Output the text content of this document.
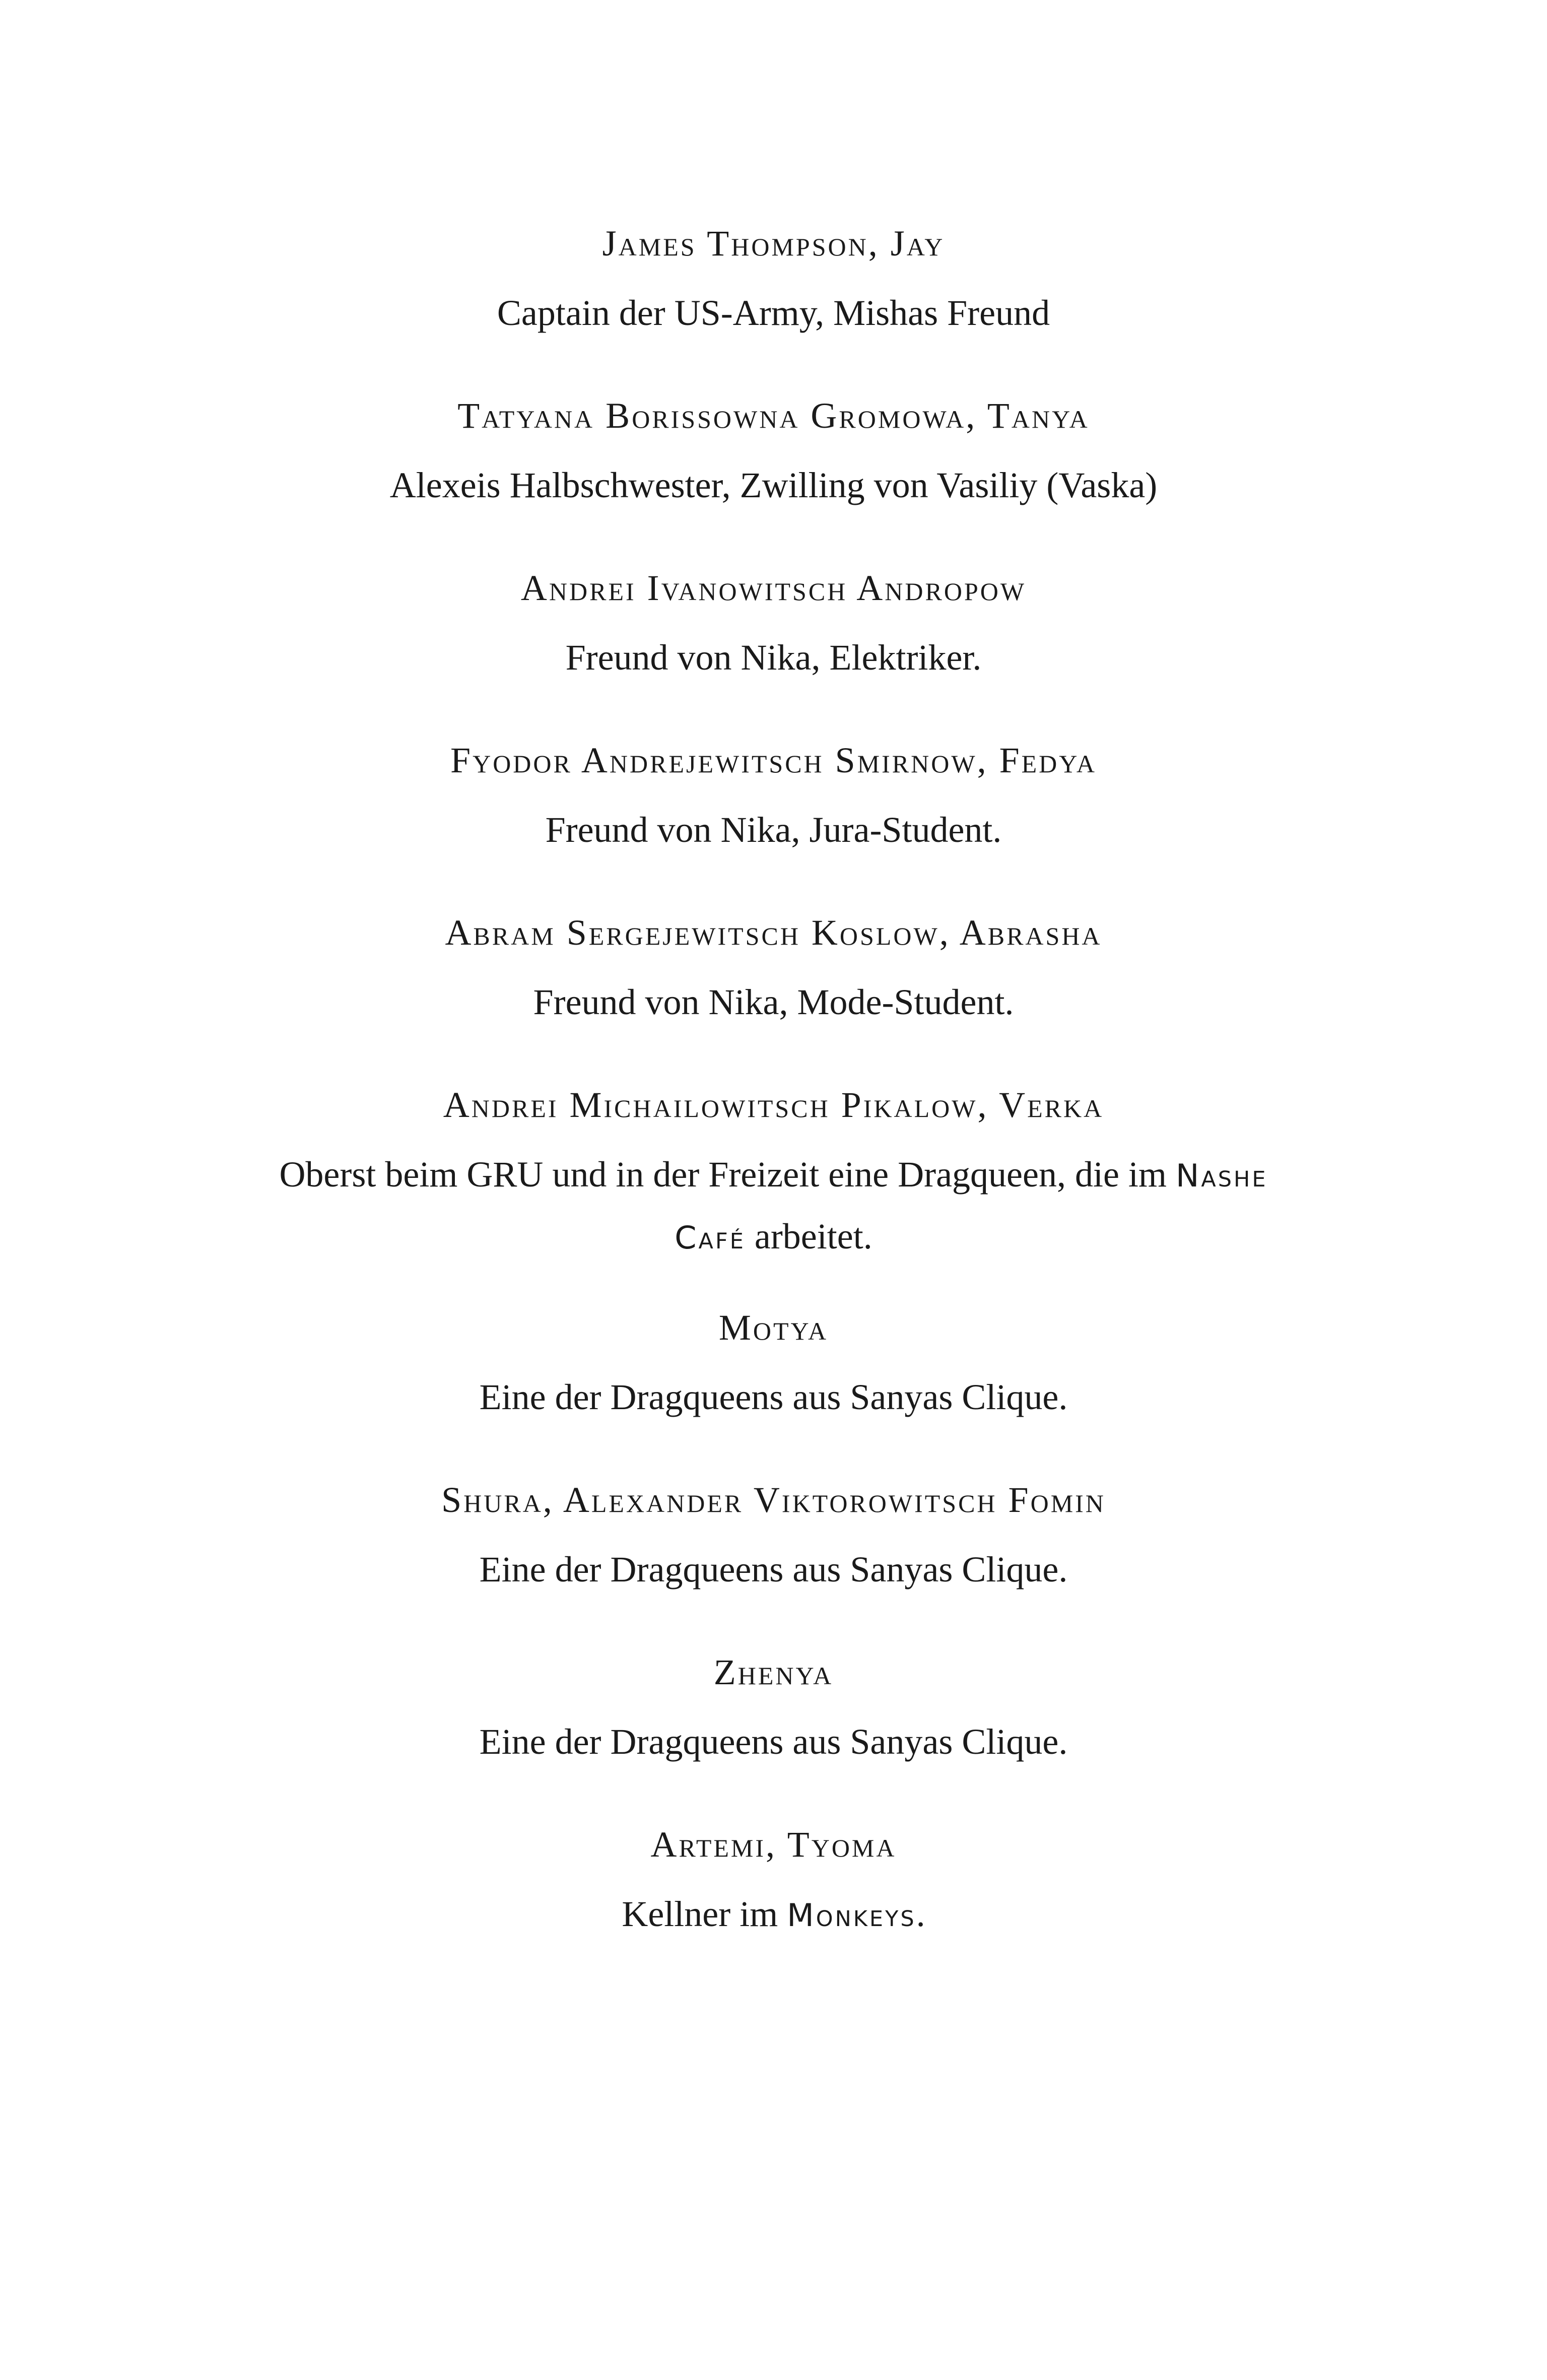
James Thompson, Jay

Captain der US-Army, Mishas Freund

Tatyana Borissowna Gromowa, Tanya

Alexeis Halbschwester, Zwilling von Vasiliy (Vaska)

Andrei Ivanowitsch Andropow

Freund von Nika, Elektriker.

Fyodor Andrejewitsch Smirnow, Fedya

Freund von Nika, Jura-Student.

Abram Sergejewitsch Koslow, Abrasha

Freund von Nika, Mode-Student.

Andrei Michailowitsch Pikalow, Verka

Oberst beim GRU und in der Freizeit eine Dragqueen, die im Nashe Café arbeitet.

Motya

Eine der Dragqueens aus Sanyas Clique.

Shura, Alexander Viktorowitsch Fomin

Eine der Dragqueens aus Sanyas Clique.

Zhenya

Eine der Dragqueens aus Sanyas Clique.

Artemi, Tyoma

Kellner im Monkeys.
